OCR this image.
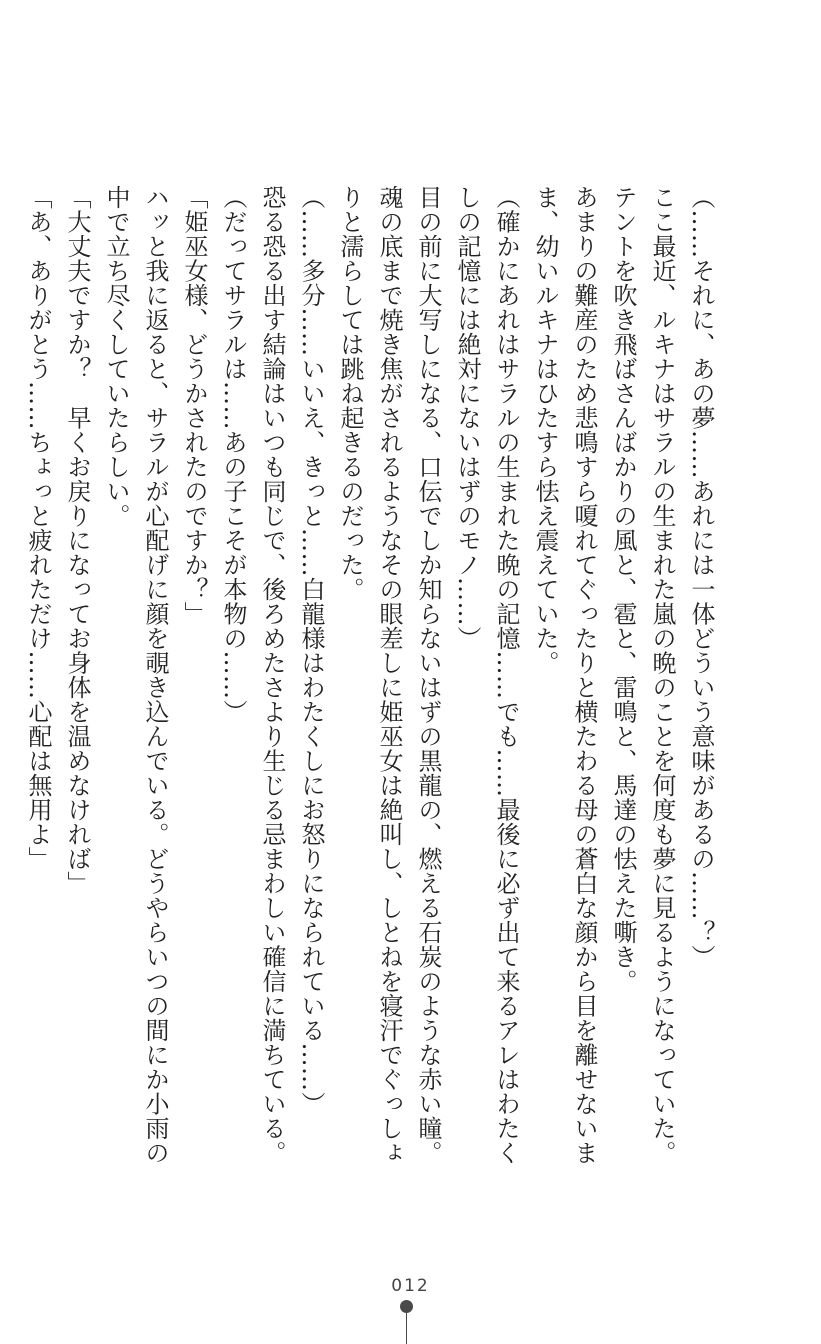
（……それに、あの夢……あれには一体どういう意味があるの……？）

ここ最近、ルキナはサラルの生まれた嵐の晩のことを何度も夢に見るようになっていた。

テントを吹き飛ばさんばかりの風と、雹と、雷鳴と、馬達の怯えた嘶き。

あまりの難産のため悲鳴すら嗄れてぐったりと横たわる母の蒼白な顔から目を離せないまま、幼いルキナはひたすら怯え震えていた。

（確かにあれはサラルの生まれた晩の記憶……でも……最後に必ず出て来るアレはわたくしの記憶には絶対にないはずのモノ……）

目の前に大写しになる、口伝でしか知らないはずの黒龍の、燃える石炭のような赤い瞳。

魂の底まで焼き焦がされるようなその眼差しに姫巫女は絶叫し、しとねを寝汗でぐっしょりと濡らしては跳ね起きるのだった。

（……多分……いいえ、きっと……白龍様はわたくしにお怒りになられている……）

恐る恐る出す結論はいつも同じで、後ろめたさより生じる忌まわしい確信に満ちている。

（だってサラルは……あの子こそが本物の……）

「姫巫女様、どうかされたのですか？」

ハッと我に返ると、サラルが心配げに顔を覗き込んでいる。どうやらいつの間にか小雨の中で立ち尽くしていたらしい。

「大丈夫ですか？　早くお戻りになってお身体を温めなければ」

「あ、ありがとう……ちょっと疲れただけ……心配は無用よ」

012
